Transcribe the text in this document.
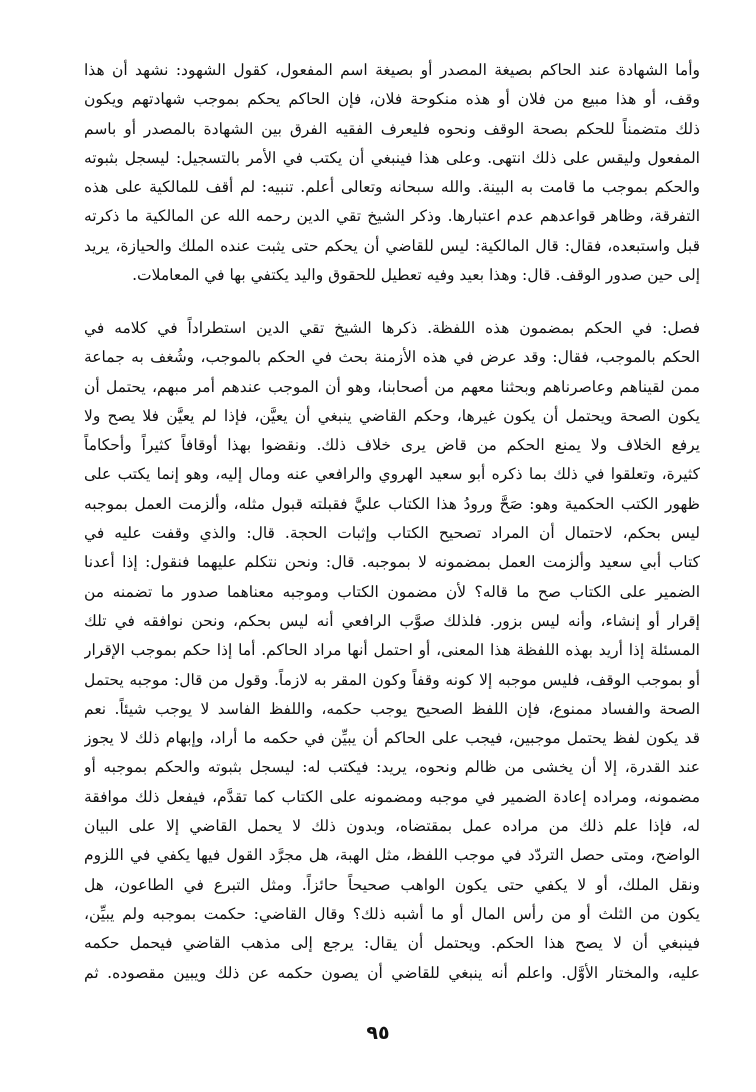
وأما الشهادة عند الحاكم بصيغة المصدر أو بصيغة اسم المفعول، كقول الشهود: نشهد أن هذا
وقف، أو هذا مبيع من فلان أو هذه منكوحة فلان، فإن الحاكم يحكم بموجب شهادتهم ويكون
ذلك متضمناً للحكم بصحة الوقف ونحوه فليعرف الفقيه الفرق بين الشهادة بالمصدر أو باسم
المفعول وليقس على ذلك انتهى. وعلى هذا فينبغي أن يكتب في الأمر بالتسجيل: ليسجل بثبوته
والحكم بموجب ما قامت به البينة. والله سبحانه وتعالى أعلم. تنبيه: لم أقف للمالكية على هذه
التفرقة، وظاهر قواعدهم عدم اعتبارها. وذكر الشيخ تقي الدين رحمه الله عن المالكية ما ذكرته
قبل واستبعده، فقال: قال المالكية: ليس للقاضي أن يحكم حتى يثبت عنده الملك والحيازة، يريد
إلى حين صدور الوقف. قال: وهذا بعيد وفيه تعطيل للحقوق واليد يكتفي بها في المعاملات.
فصل: في الحكم بمضمون هذه اللفظة. ذكرها الشيخ تقي الدين استطراداً في كلامه في
الحكم بالموجب، فقال: وقد عرض في هذه الأزمنة بحث في الحكم بالموجب، وشُغف به جماعة
ممن لقيناهم وعاصرناهم وبحثنا معهم من أصحابنا، وهو أن الموجب عندهم أمر مبهم، يحتمل أن
يكون الصحة ويحتمل أن يكون غيرها، وحكم القاضي ينبغي أن يعيَّن، فإذا لم يعيَّن فلا يصح ولا
يرفع الخلاف ولا يمنع الحكم من قاض يرى خلاف ذلك. ونقضوا بهذا أوقافاً كثيراً وأحكاماً
كثيرة، وتعلقوا في ذلك بما ذكره أبو سعيد الهروي والرافعي عنه ومال إليه، وهو إنما يكتب على
ظهور الكتب الحكمية وهو: صَحَّ ورودُ هذا الكتاب عليَّ فقبلته قبول مثله، وألزمت العمل بموجبه
ليس بحكم، لاحتمال أن المراد تصحيح الكتاب وإثبات الحجة. قال: والذي وقفت عليه في
كتاب أبي سعيد وألزمت العمل بمضمونه لا بموجبه. قال: ونحن نتكلم عليهما فنقول: إذا أعدنا
الضمير على الكتاب صح ما قاله؟ لأن مضمون الكتاب وموجبه معناهما صدور ما تضمنه من
إقرار أو إنشاء، وأنه ليس بزور. فلذلك صوَّب الرافعي أنه ليس بحكم، ونحن نوافقه في تلك
المسئلة إذا أريد بهذه اللفظة هذا المعنى، أو احتمل أنها مراد الحاكم. أما إذا حكم بموجب الإقرار
أو بموجب الوقف، فليس موجبه إلا كونه وقفاً وكون المقر به لازماً. وقول من قال: موجبه يحتمل
الصحة والفساد ممنوع، فإن اللفظ الصحيح يوجب حكمه، واللفظ الفاسد لا يوجب شيئاً. نعم
قد يكون لفظ يحتمل موجبين، فيجب على الحاكم أن يبيِّن في حكمه ما أراد، وإبهام ذلك لا يجوز
عند القدرة، إلا أن يخشى من ظالم ونحوه، يريد: فيكتب له: ليسجل بثبوته والحكم بموجبه أو
مضمونه، ومراده إعادة الضمير في موجبه ومضمونه على الكتاب كما تقدَّم، فيفعل ذلك موافقة
له، فإذا علم ذلك من مراده عمل بمقتضاه، وبدون ذلك لا يحمل القاضي إلا على البيان
الواضح، ومتى حصل التردّد في موجب اللفظ، مثل الهبة، هل مجرَّد القول فيها يكفي في اللزوم
ونقل الملك، أو لا يكفي حتى يكون الواهب صحيحاً حائزاً. ومثل التبرع في الطاعون، هل
يكون من الثلث أو من رأس المال أو ما أشبه ذلك؟ وقال القاضي: حكمت بموجبه ولم يبيِّن،
فينبغي أن لا يصح هذا الحكم. ويحتمل أن يقال: يرجع إلى مذهب القاضي فيحمل حكمه
عليه، والمختار الأوَّل. واعلم أنه ينبغي للقاضي أن يصون حكمه عن ذلك ويبين مقصوده. ثم
٩٥
